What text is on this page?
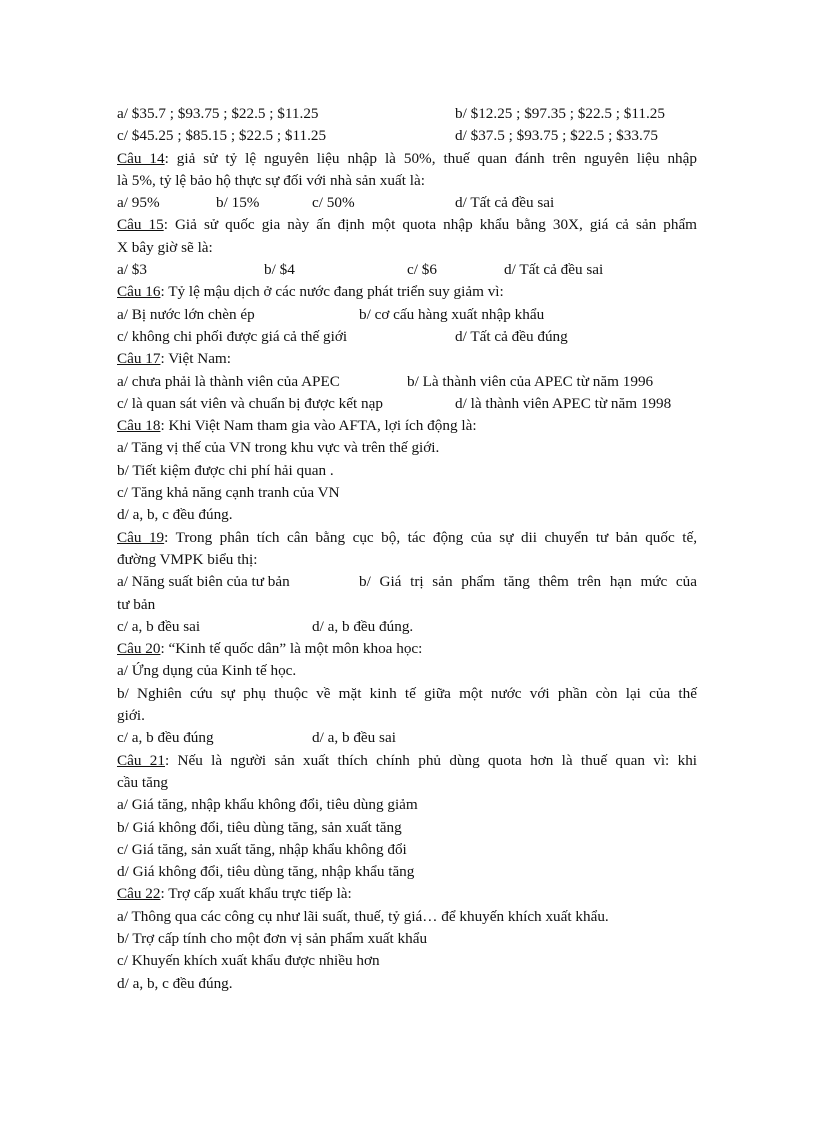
a/ $35.7 ; $93.75 ; $22.5 ; $11.25	b/ $12.25 ; $97.35 ; $22.5 ; $11.25
c/ $45.25 ; $85.15 ; $22.5 ; $11.25	d/ $37.5 ; $93.75 ; $22.5 ; $33.75
Câu 14: giả sử tỷ lệ nguyên liệu nhập là 50%, thuế quan đánh trên nguyên liệu nhập
là 5%, tỷ lệ bảo hộ thực sự đối với nhà sản xuất là:
a/ 95%	b/ 15%	c/ 50%	d/ Tất cả đều sai
Câu 15: Giả sử quốc gia này ấn định một quota nhập khẩu bằng 30X, giá cả sản phẩm
X bây giờ sẽ là:
a/ $3	b/ $4	c/ $6	d/ Tất cả đều sai
Câu 16: Tỷ lệ mậu dịch ở các nước đang phát triển suy giảm vì:
a/ Bị nước lớn chèn ép	b/ cơ cấu hàng xuất nhập khẩu
c/ không chi phối được giá cả thế giới	d/ Tất cả đều đúng
Câu 17: Việt Nam:
a/ chưa phải là thành viên của APEC	b/ Là thành viên của APEC từ năm 1996
c/ là quan sát viên và chuẩn bị được kết nạp	d/ là thành viên APEC từ năm 1998
Câu 18: Khi Việt Nam tham gia vào AFTA, lợi ích động là:
a/ Tăng vị thế của VN trong khu vực và trên thế giới.
b/ Tiết kiệm được chi phí hải quan .
c/ Tăng khả năng cạnh tranh của VN
d/ a, b, c đều đúng.
Câu 19: Trong phân tích cân bằng cục bộ, tác động của sự dii chuyển tư bản quốc tế,
đường VMPK biểu thị:
a/ Năng suất biên của tư bản	b/ Giá trị sản phẩm tăng thêm trên hạn mức của
tư bản
c/ a, b đều sai	d/ a, b đều đúng.
Câu 20: “Kinh tế quốc dân” là một môn khoa học:
a/ Ứng dụng của Kinh tế học.
b/ Nghiên cứu sự phụ thuộc về mặt kinh tế giữa một nước với phần còn lại của thế
giới.
c/ a, b đều đúng	d/ a, b đều sai
Câu 21: Nếu là người sản xuất thích chính phủ dùng quota hơn là thuế quan vì: khi
cầu tăng
a/ Giá tăng, nhập khẩu không đổi, tiêu dùng giảm
b/ Giá không đổi, tiêu dùng tăng, sản xuất tăng
c/ Giá tăng, sản xuất tăng, nhập khẩu không đổi
d/ Giá không đổi, tiêu dùng tăng, nhập khẩu tăng
Câu 22: Trợ cấp xuất khẩu trực tiếp là:
a/ Thông qua các công cụ như lãi suất, thuế, tỷ giá… để khuyến khích xuất khẩu.
b/ Trợ cấp tính cho một đơn vị sản phẩm xuất khẩu
c/ Khuyến khích xuất khẩu được nhiều hơn
d/ a, b, c đều đúng.
